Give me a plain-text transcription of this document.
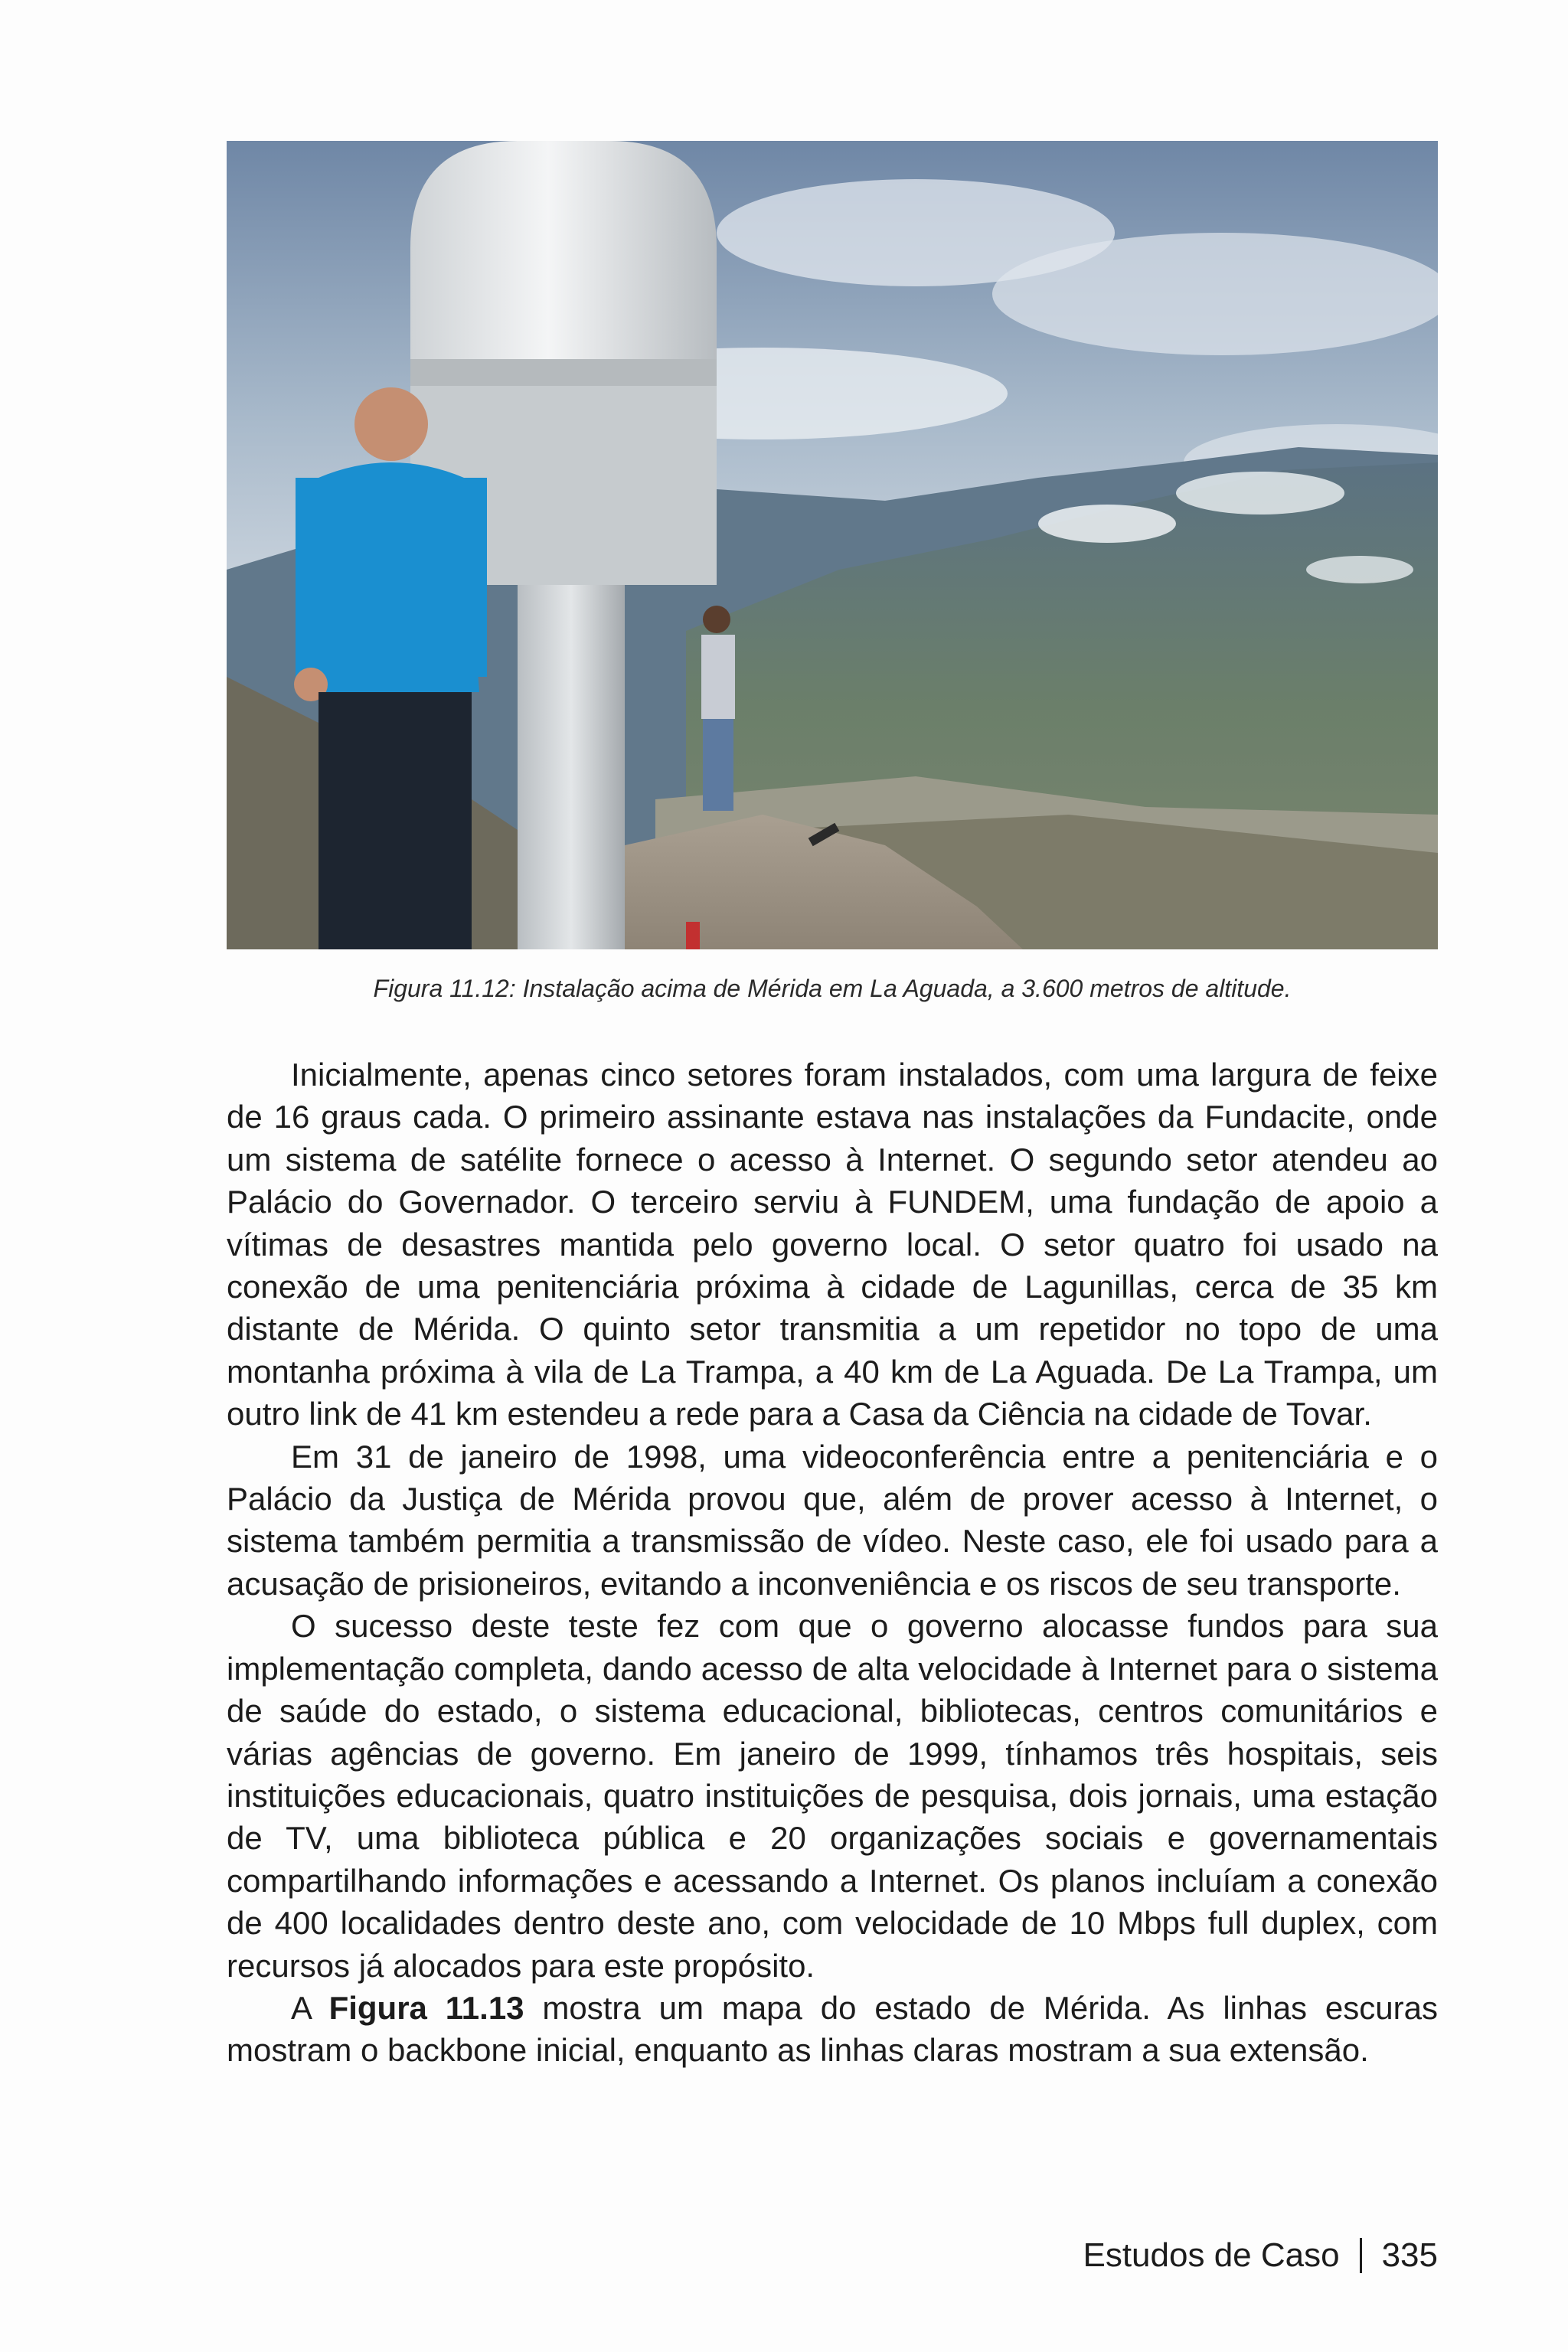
Figura 11.12: Instalação acima de Mérida em La Aguada, a 3.600 metros de altitude.

Inicialmente, apenas cinco setores foram instalados, com uma largura de feixe de 16 graus cada. O primeiro assinante estava nas instalações da Fundacite, onde um sistema de satélite fornece o acesso à Internet. O segundo setor atendeu ao Palácio do Governador. O terceiro serviu à FUNDEM, uma fundação de apoio a vítimas de desastres mantida pelo governo local. O setor quatro foi usado na conexão de uma penitenciária próxima à cidade de Lagunillas, cerca de 35 km distante de Mérida. O quinto setor transmitia a um repetidor no topo de uma montanha próxima à vila de La Trampa, a 40 km de La Aguada. De La Trampa, um outro link de 41 km estendeu a rede para a Casa da Ciência na cidade de Tovar.

Em 31 de janeiro de 1998, uma videoconferência entre a penitenciária e o Palácio da Justiça de Mérida provou que, além de prover acesso à Internet, o sistema também permitia a transmissão de vídeo. Neste caso, ele foi usado para a acusação de prisioneiros, evitando a inconveniência e os riscos de seu transporte.

O sucesso deste teste fez com que o governo alocasse fundos para sua implementação completa, dando acesso de alta velocidade à Internet para o sistema de saúde do estado, o sistema educacional, bibliotecas, centros comunitários e várias agências de governo. Em janeiro de 1999, tínhamos três hospitais, seis instituições educacionais, quatro instituições de pesquisa, dois jornais, uma estação de TV, uma biblioteca pública e 20 organizações sociais e governamentais compartilhando informações e acessando a Internet. Os planos incluíam a conexão de 400 localidades dentro deste ano, com velocidade de 10 Mbps full duplex, com recursos já alocados para este propósito.

A Figura 11.13 mostra um mapa do estado de Mérida. As linhas escuras mostram o backbone inicial, enquanto as linhas claras mostram a sua extensão.

Estudos de Caso 335
